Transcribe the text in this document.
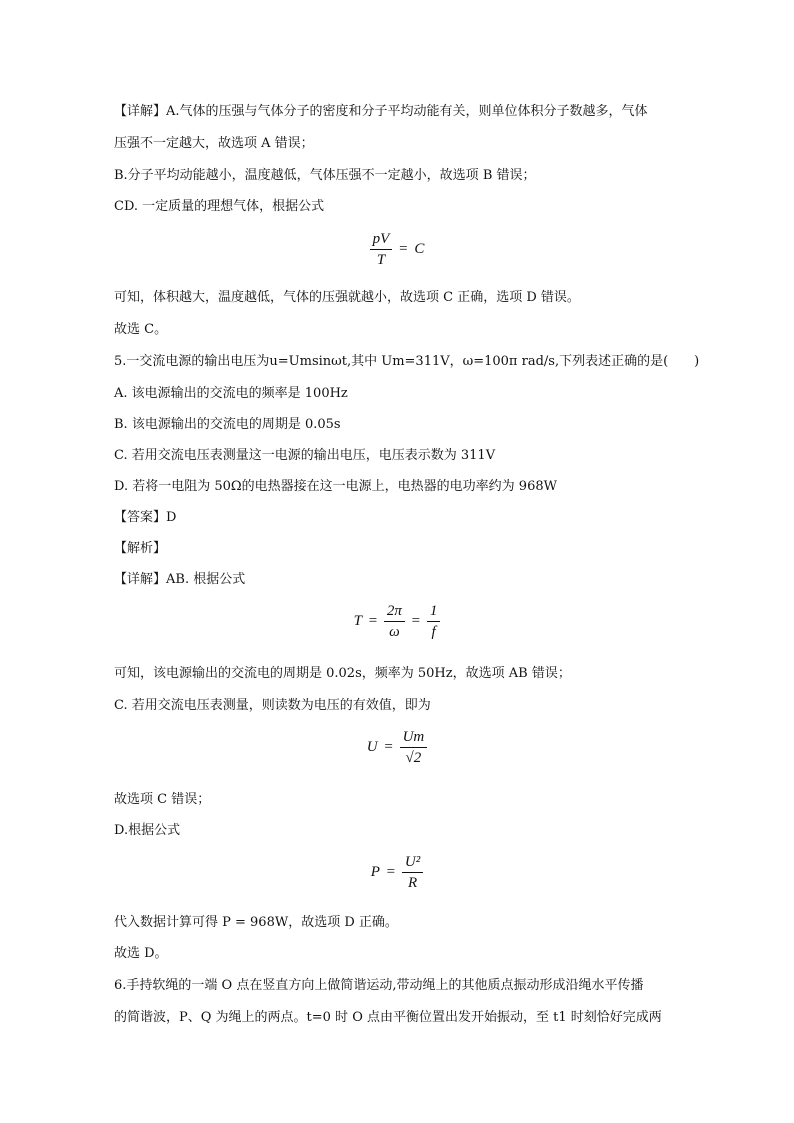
【详解】A.气体的压强与气体分子的密度和分子平均动能有关，则单位体积分子数越多，气体
压强不一定越大，故选项 A 错误；
B.分子平均动能越小，温度越低，气体压强不一定越小，故选项 B 错误；
CD. 一定质量的理想气体，根据公式
$\frac{pV}{T} = C$
可知，体积越大，温度越低，气体的压强就越小，故选项 C 正确，选项 D 错误。
故选 C。
5.一交流电源的输出电压为u=Umsinωt,其中 Um=311V，ω=100π rad/s,下列表述正确的是(　　)
A. 该电源输出的交流电的频率是 100Hz
B. 该电源输出的交流电的周期是 0.05s
C. 若用交流电压表测量这一电源的输出电压，电压表示数为 311V
D. 若将一电阻为 50Ω的电热器接在这一电源上，电热器的电功率约为 968W
【答案】D
【解析】
【详解】AB. 根据公式
$T = \frac{2\pi}{\omega} = \frac{1}{f}$
可知，该电源输出的交流电的周期是 0.02s，频率为 50Hz，故选项 AB 错误；
C. 若用交流电压表测量，则读数为电压的有效值，即为
$U = \frac{Um}{√2}$
故选项 C 错误；
D.根据公式
$P = \frac{\text{U²}}{R}$
代入数据计算可得 P = 968W，故选项 D 正确。
故选 D。
6.手持软绳的一端 O 点在竖直方向上做简谐运动,带动绳上的其他质点振动形成沿绳水平传播
的简谐波，P、Q 为绳上的两点。t=0 时 O 点由平衡位置出发开始振动，至 t1 时刻恰好完成两
